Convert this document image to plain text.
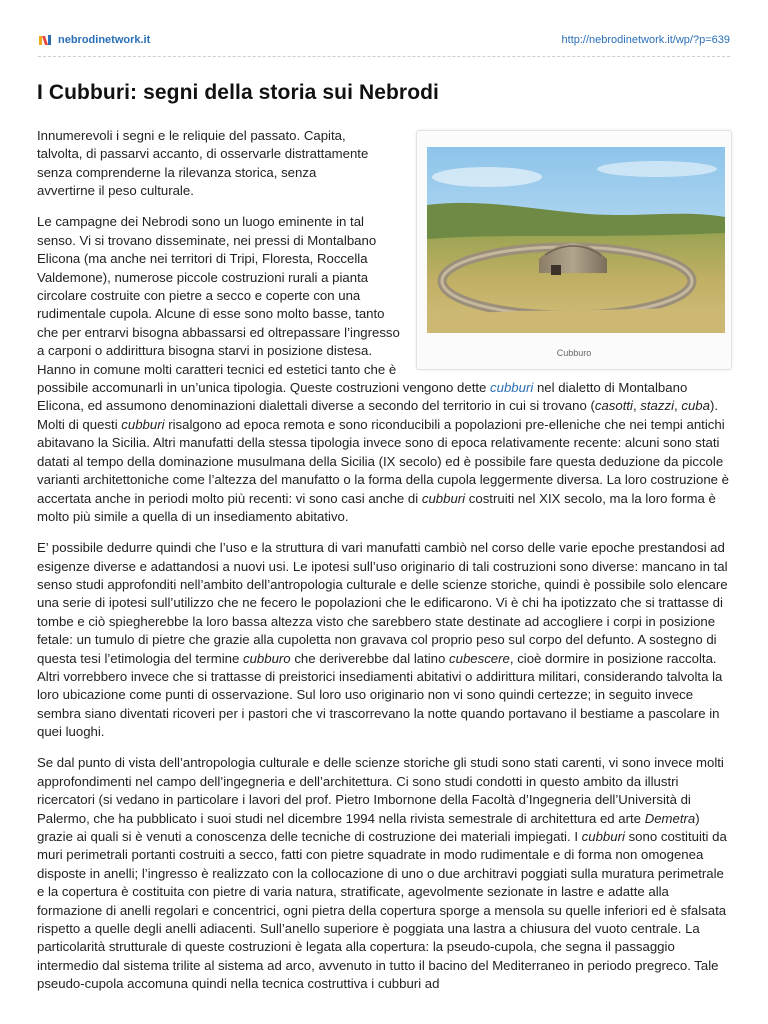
nebrodinetwork.it	http://nebrodinetwork.it/wp/?p=639
I Cubburi: segni della storia sui Nebrodi
Cubburo

Innumerevoli i segni e le reliquie del passato. Capita,
talvolta, di passarvi accanto, di osservarle distrattamente
senza comprenderne la rilevanza storica, senza
avvertirne il peso culturale.

Le campagne dei Nebrodi sono un luogo eminente in tal senso. Vi si trovano disseminate, nei pressi di Montalbano Elicona (ma anche nei territori di Tripi, Floresta, Roccella Valdemone), numerose piccole costruzioni rurali a pianta circolare costruite con pietre a secco e coperte con una rudimentale cupola. Alcune di esse sono molto basse, tanto che per entrarvi bisogna abbassarsi ed oltrepassare l’ingresso a carponi o addirittura bisogna starvi in posizione distesa. Hanno in comune molti caratteri tecnici ed estetici tanto che è possibile accomunarli in un’unica tipologia. Queste costruzioni vengono dette cubburi nel dialetto di Montalbano Elicona, ed assumono denominazioni dialettali diverse a secondo del territorio in cui si trovano (casotti, stazzi, cuba). Molti di questi cubburi risalgono ad epoca remota e sono riconducibili a popolazioni pre-elleniche che nei tempi antichi abitavano la Sicilia. Altri manufatti della stessa tipologia invece sono di epoca relativamente recente: alcuni sono stati datati al tempo della dominazione musulmana della Sicilia (IX secolo) ed è possibile fare questa deduzione da piccole varianti architettoniche come l’altezza del manufatto o la forma della cupola leggermente diversa. La loro costruzione è accertata anche in periodi molto più recenti: vi sono casi anche di cubburi costruiti nel XIX secolo, ma la loro forma è molto più simile a quella di un insediamento abitativo.

E’ possibile dedurre quindi che l’uso e la struttura di vari manufatti cambiò nel corso delle varie epoche prestandosi ad esigenze diverse e adattandosi a nuovi usi. Le ipotesi sull’uso originario di tali costruzioni sono diverse: mancano in tal senso studi approfonditi nell’ambito dell’antropologia culturale e delle scienze storiche, quindi è possibile solo elencare una serie di ipotesi sull’utilizzo che ne fecero le popolazioni che le edificarono. Vi è chi ha ipotizzato che si trattasse di tombe e ciò spiegherebbe la loro bassa altezza visto che sarebbero state destinate ad accogliere i corpi in posizione fetale: un tumulo di pietre che grazie alla cupoletta non gravava col proprio peso sul corpo del defunto. A sostegno di questa tesi l’etimologia del termine cubburo che deriverebbe dal latino cubescere, cioè dormire in posizione raccolta. Altri vorrebbero invece che si trattasse di preistorici insediamenti abitativi o addirittura militari, considerando talvolta la loro ubicazione come punti di osservazione. Sul loro uso originario non vi sono quindi certezze; in seguito invece sembra siano diventati ricoveri per i pastori che vi trascorrevano la notte quando portavano il bestiame a pascolare in quei luoghi.

Se dal punto di vista dell’antropologia culturale e delle scienze storiche gli studi sono stati carenti, vi sono invece molti approfondimenti nel campo dell’ingegneria e dell’architettura. Ci sono studi condotti in questo ambito da illustri ricercatori (si vedano in particolare i lavori del prof. Pietro Imbornone della Facoltà d’Ingegneria dell’Università di Palermo, che ha pubblicato i suoi studi nel dicembre 1994 nella rivista semestrale di architettura ed arte Demetra) grazie ai quali si è venuti a conoscenza delle tecniche di costruzione dei materiali impiegati. I cubburi sono costituiti da muri perimetrali portanti costruiti a secco, fatti con pietre squadrate in modo rudimentale e di forma non omogenea disposte in anelli; l’ingresso è realizzato con la collocazione di uno o due architravi poggiati sulla muratura perimetrale e la copertura è costituita con pietre di varia natura, stratificate, agevolmente sezionate in lastre e adatte alla formazione di anelli regolari e concentrici, ogni pietra della copertura sporge a mensola su quelle inferiori ed è sfalsata rispetto a quelle degli anelli adiacenti. Sull’anello superiore è poggiata una lastra a chiusura del vuoto centrale. La particolarità strutturale di queste costruzioni è legata alla copertura: la pseudo-cupola, che segna il passaggio intermedio dal sistema trilite al sistema ad arco, avvenuto in tutto il bacino del Mediterraneo in periodo pregreco. Tale pseudo-cupola accomuna quindi nella tecnica costruttiva i cubburi ad
